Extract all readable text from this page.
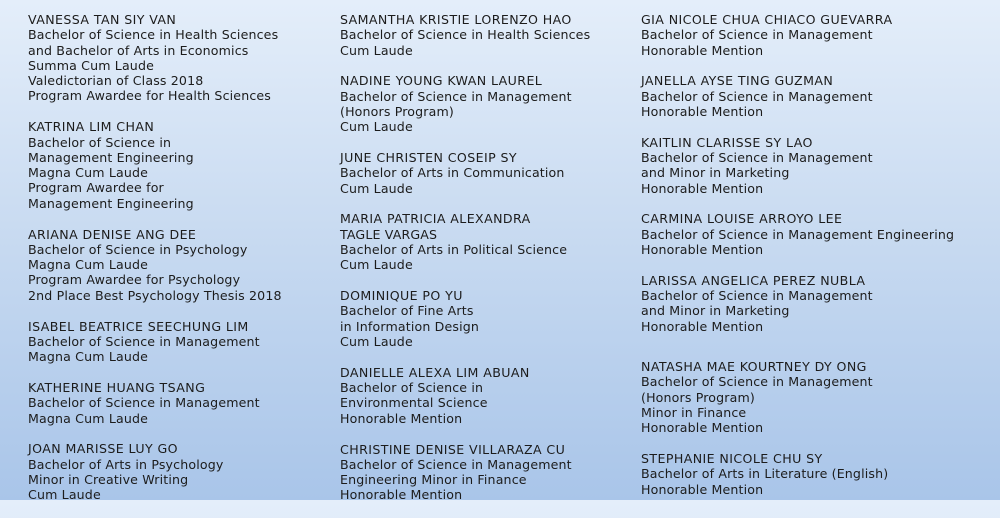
VANESSA TAN SIY VAN
Bachelor of Science in Health Sciences
and Bachelor of Arts in Economics
Summa Cum Laude
Valedictorian of Class 2018
Program Awardee for Health Sciences
KATRINA LIM CHAN
Bachelor of Science in
Management Engineering
Magna Cum Laude
Program Awardee for
Management Engineering
ARIANA DENISE ANG DEE
Bachelor of Science in Psychology
Magna Cum Laude
Program Awardee for Psychology
2nd Place Best Psychology Thesis 2018
ISABEL BEATRICE SEECHUNG LIM
Bachelor of Science in Management
Magna Cum Laude
KATHERINE HUANG TSANG
Bachelor of Science in Management
Magna Cum Laude
JOAN MARISSE LUY GO
Bachelor of Arts in Psychology
Minor in Creative Writing
Cum Laude
SAMANTHA KRISTIE LORENZO HAO
Bachelor of Science in Health Sciences
Cum Laude
NADINE YOUNG KWAN LAUREL
Bachelor of Science in Management
(Honors Program)
Cum Laude
JUNE CHRISTEN COSEIP SY
Bachelor of Arts in Communication
Cum Laude
MARIA PATRICIA ALEXANDRA
TAGLE VARGAS
Bachelor of Arts in Political Science
Cum Laude
DOMINIQUE PO YU
Bachelor of Fine Arts
in Information Design
Cum Laude
DANIELLE ALEXA LIM ABUAN
Bachelor of Science in
Environmental Science
Honorable Mention
CHRISTINE DENISE VILLARAZA CU
Bachelor of Science in Management
Engineering Minor in Finance
Honorable Mention
GIA NICOLE CHUA CHIACO GUEVARRA
Bachelor of Science in Management
Honorable Mention
JANELLA AYSE TING GUZMAN
Bachelor of Science in Management
Honorable Mention
KAITLIN CLARISSE SY LAO
Bachelor of Science in Management
and Minor in Marketing
Honorable Mention
CARMINA LOUISE ARROYO LEE
Bachelor of Science in Management Engineering
Honorable Mention
LARISSA ANGELICA PEREZ NUBLA
Bachelor of Science in Management
and Minor in Marketing
Honorable Mention
NATASHA MAE KOURTNEY DY ONG
Bachelor of Science in Management
(Honors Program)
Minor in Finance
Honorable Mention
STEPHANIE NICOLE CHU SY
Bachelor of Arts in Literature (English)
Honorable Mention
